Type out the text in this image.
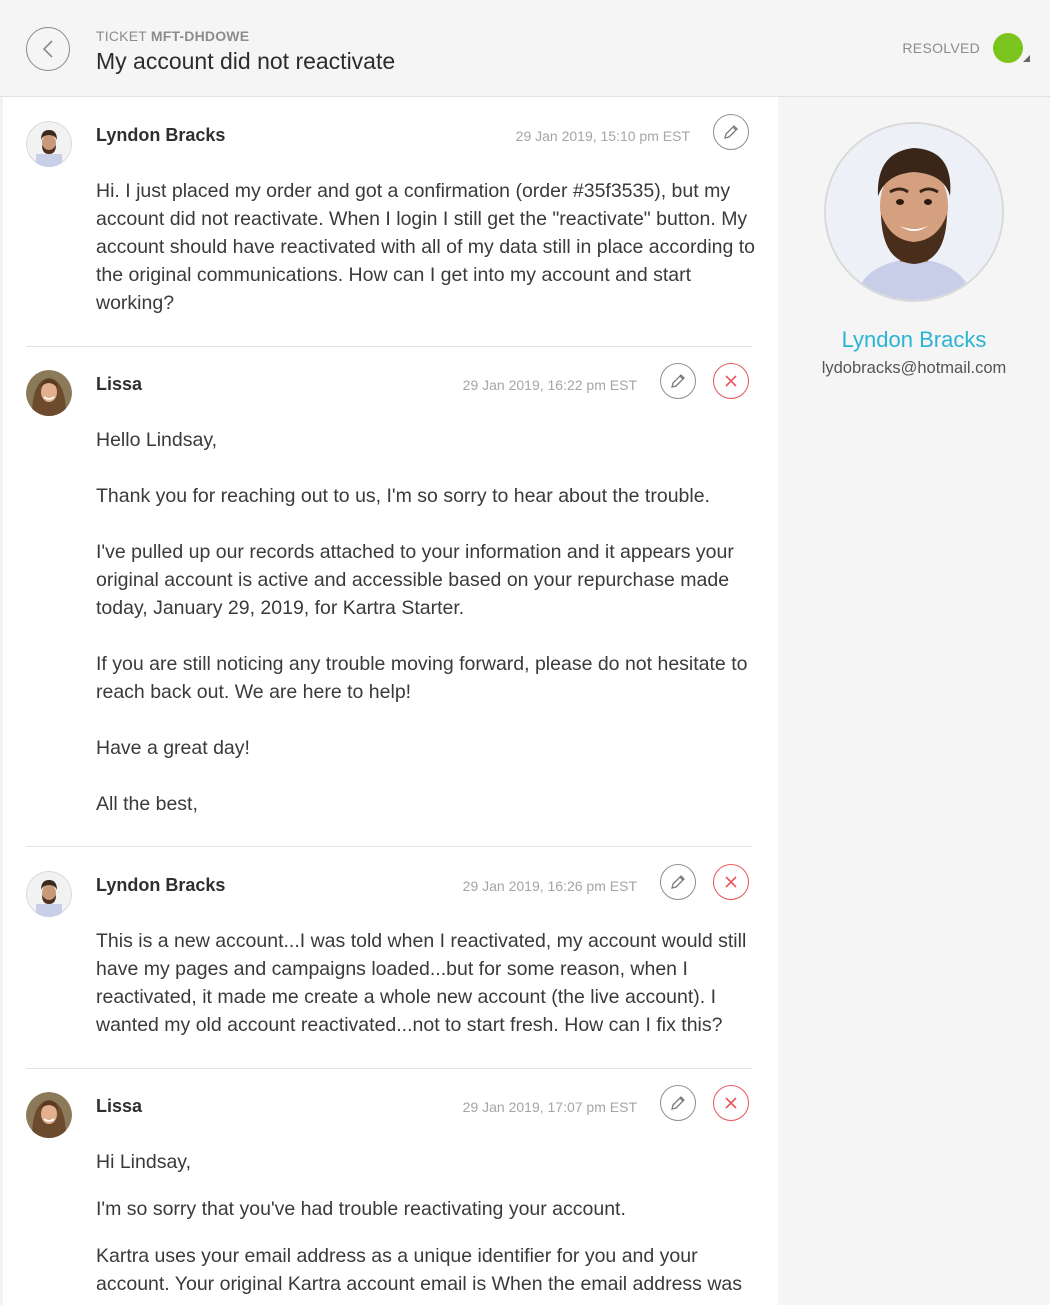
TICKET MFT-DHDOWE
My account did not reactivate	RESOLVED
Lyndon Bracks	29 Jan 2019, 15:10 pm EST

Hi. I just placed my order and got a confirmation (order #35f3535), but my account did not reactivate. When I login I still get the "reactivate" button. My account should have reactivated with all of my data still in place according to the original communications. How can I get into my account and start working?

Lissa	29 Jan 2019, 16:22 pm EST

Hello Lindsay,

Thank you for reaching out to us, I'm so sorry to hear about the trouble.

I've pulled up our records attached to your information and it appears your original account is active and accessible based on your repurchase made today, January 29, 2019, for Kartra Starter.

If you are still noticing any trouble moving forward, please do not hesitate to reach back out. We are here to help!

Have a great day!

All the best,

Lyndon Bracks	29 Jan 2019, 16:26 pm EST

This is a new account...I was told when I reactivated, my account would still have my pages and campaigns loaded...but for some reason, when I reactivated, it made me create a whole new account (the live account). I wanted my old account reactivated...not to start fresh. How can I fix this?

Lissa	29 Jan 2019, 17:07 pm EST

Hi Lindsay,

I'm so sorry that you've had trouble reactivating your account.

Kartra uses your email address as a unique identifier for you and your account. Your original Kartra account email is When the email address was

Lyndon Bracks
lydobracks@hotmail.com
